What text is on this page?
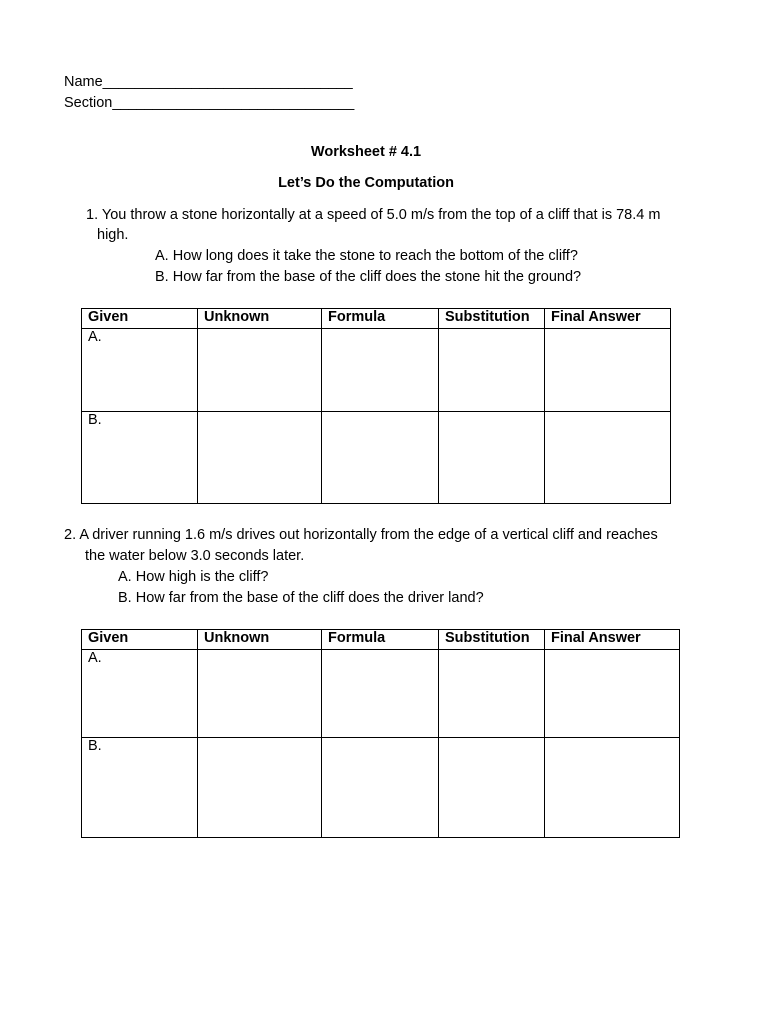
Name_______________________________
Section______________________________
Worksheet # 4.1
Let’s Do the Computation
1. You throw a stone horizontally at a speed of 5.0 m/s from the top of a cliff that is 78.4 m
high.
A. How long does it take the stone to reach the bottom of the cliff?
B. How far from the base of the cliff does the stone hit the ground?
Given	Unknown	Formula	Substitution	Final Answer
A.				
B.				
2. A driver running 1.6 m/s drives out horizontally from the edge of a vertical cliff and reaches
the water below 3.0 seconds later.
A. How high is the cliff?
B. How far from the base of the cliff does the driver land?
Given	Unknown	Formula	Substitution	Final Answer
A.				
B.				
